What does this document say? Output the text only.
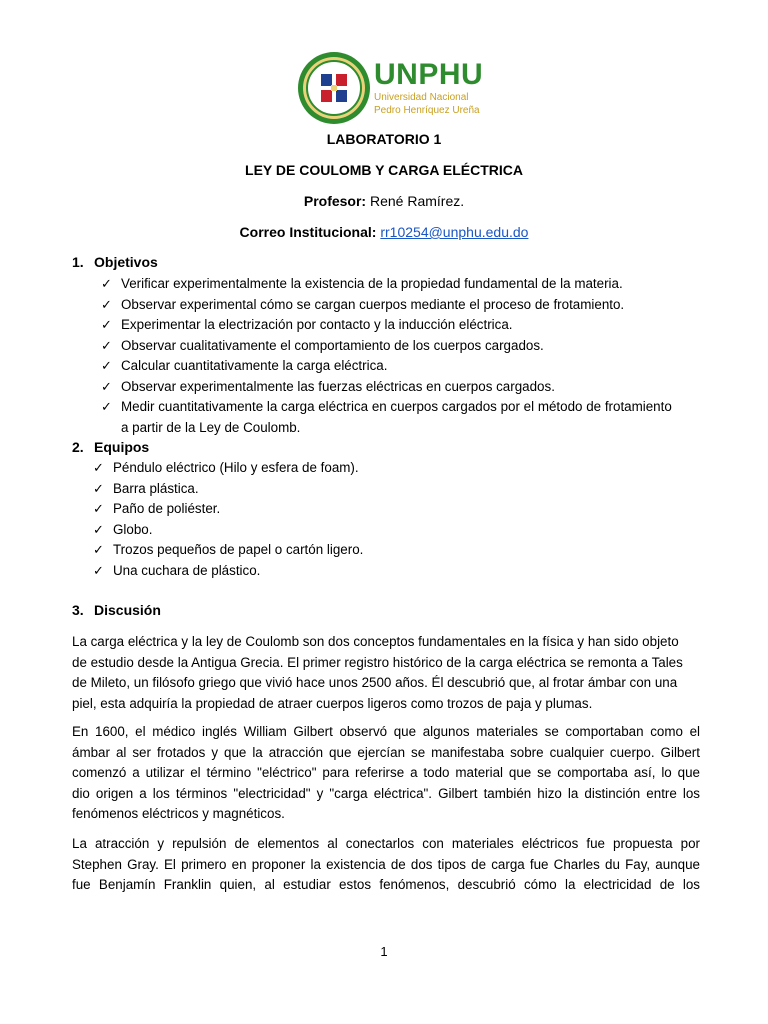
UNPHU
Universidad Nacional
Pedro Henríquez Ureña
LABORATORIO 1
LEY DE COULOMB Y CARGA ELÉCTRICA
Profesor: René Ramírez.
Correo Institucional: rr10254@unphu.edu.do
1. Objetivos
✓ Verificar experimentalmente la existencia de la propiedad fundamental de la materia.
✓ Observar experimental cómo se cargan cuerpos mediante el proceso de frotamiento.
✓ Experimentar la electrización por contacto y la inducción eléctrica.
✓ Observar cualitativamente el comportamiento de los cuerpos cargados.
✓ Calcular cuantitativamente la carga eléctrica.
✓ Observar experimentalmente las fuerzas eléctricas en cuerpos cargados.
✓ Medir cuantitativamente la carga eléctrica en cuerpos cargados por el método de frotamiento
a partir de la Ley de Coulomb.
2. Equipos
✓ Péndulo eléctrico (Hilo y esfera de foam).
✓ Barra plástica.
✓ Paño de poliéster.
✓ Globo.
✓ Trozos pequeños de papel o cartón ligero.
✓ Una cuchara de plástico.
3. Discusión
La carga eléctrica y la ley de Coulomb son dos conceptos fundamentales en la física y han sido objeto
de estudio desde la Antigua Grecia. El primer registro histórico de la carga eléctrica se remonta a Tales
de Mileto, un filósofo griego que vivió hace unos 2500 años. Él descubrió que, al frotar ámbar con una
piel, esta adquiría la propiedad de atraer cuerpos ligeros como trozos de paja y plumas.
En 1600, el médico inglés William Gilbert observó que algunos materiales se comportaban como el
ámbar al ser frotados y que la atracción que ejercían se manifestaba sobre cualquier cuerpo. Gilbert
comenzó a utilizar el término "eléctrico" para referirse a todo material que se comportaba así, lo que
dio origen a los términos "electricidad" y "carga eléctrica". Gilbert también hizo la distinción entre los
fenómenos eléctricos y magnéticos.
La atracción y repulsión de elementos al conectarlos con materiales eléctricos fue propuesta por
Stephen Gray. El primero en proponer la existencia de dos tipos de carga fue Charles du Fay, aunque
fue Benjamín Franklin quien, al estudiar estos fenómenos, descubrió cómo la electricidad de los
1
